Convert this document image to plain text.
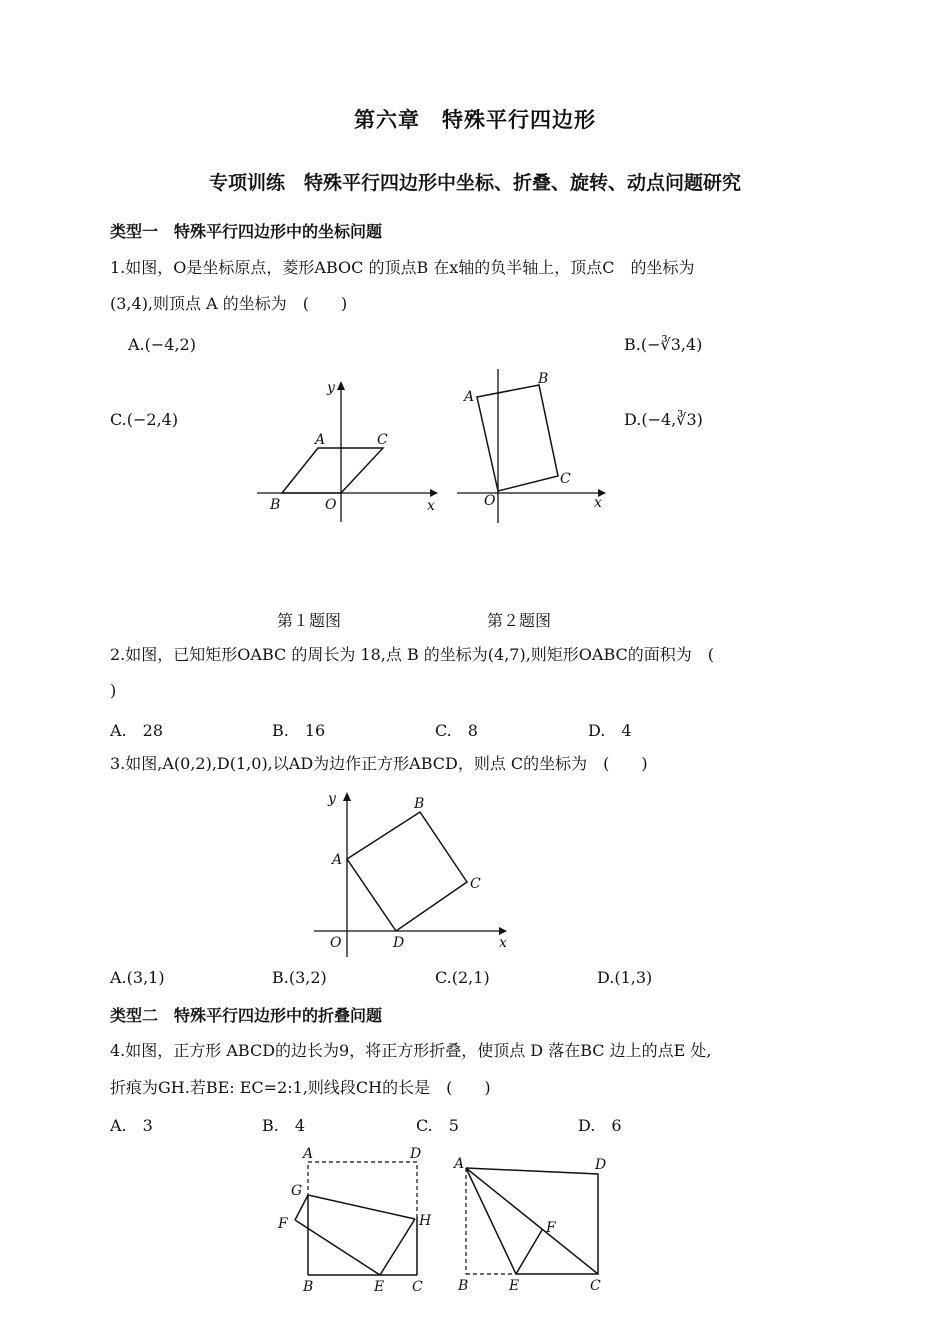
第六章　特殊平行四边形
专项训练　特殊平行四边形中坐标、折叠、旋转、动点问题研究
类型一　特殊平行四边形中的坐标问题
1.如图，O是坐标原点，菱形ABOC 的顶点B 在x轴的负半轴上，顶点C　的坐标为
(3,4),则顶点 A 的坐标为　(　　)
A.(−4,2)	B.(−∛3,4)
C.(−2,4)	D.(−4,∛3)
y
x
A	C
B	O
A
B
C
O	x
第１题图	第２题图
2.如图，已知矩形OABC 的周长为 18,点 B 的坐标为(4,7),则矩形OABC的面积为　(
)
A.　28	B.　16	C.　8	D.　4
3.如图,A(0,2),D(1,0),以AD为边作正方形ABCD，则点 C的坐标为　(　　)
y
x
A
B
C
D
O
A.(3,1)	B.(3,2)	C.(2,1)	D.(1,3)
类型二　特殊平行四边形中的折叠问题
4.如图，正方形 ABCD的边长为9，将正方形折叠，使顶点 D 落在BC 边上的点E 处,
折痕为GH.若BE: EC=2:1,则线段CH的长是　(　　)
A.　3	B.　4	C.　5	D.　6
A	D
G
F	H
B	E C
A	D
F
B	E	C
